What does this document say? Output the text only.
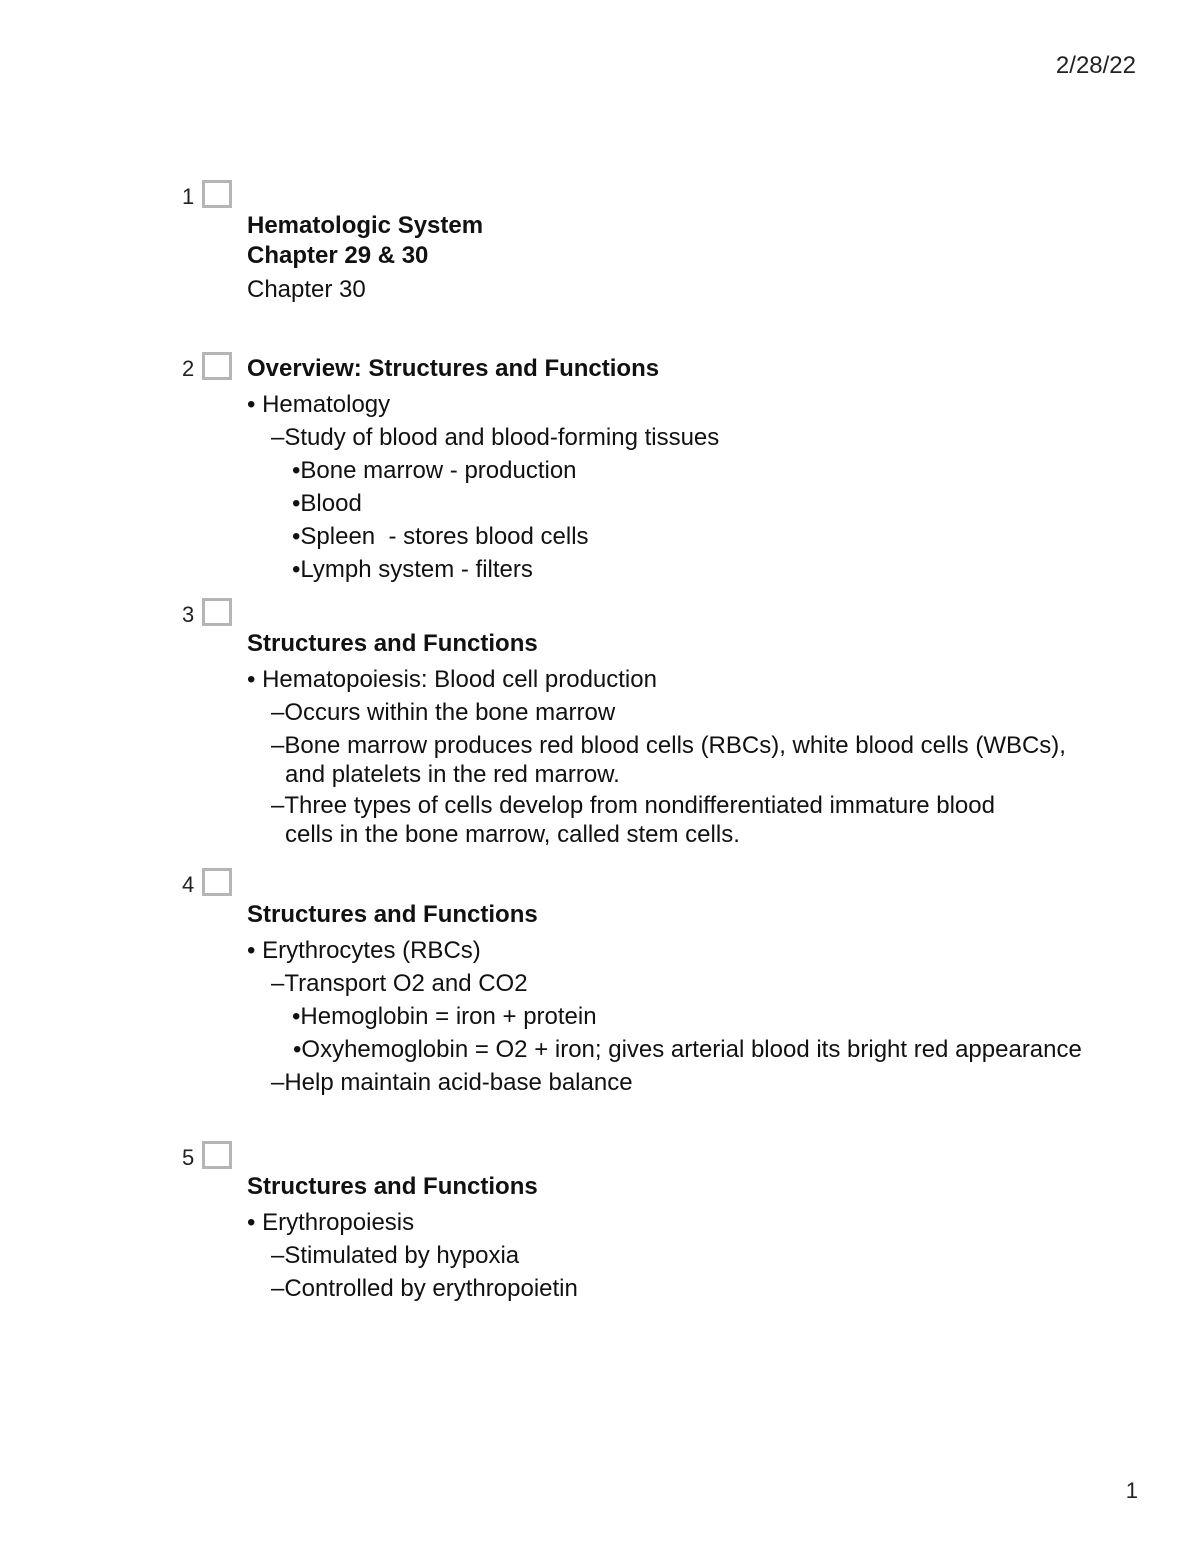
2/28/22
1

Hematologic System

Chapter 29 & 30

Chapter 30

2 Overview: Structures and Functions

• Hematology

–Study of blood and blood-forming tissues

•Bone marrow - production

•Blood

•Spleen  - stores blood cells

•Lymph system - filters

3

Structures and Functions

• Hematopoiesis: Blood cell production

–Occurs within the bone marrow

–Bone marrow produces red blood cells (RBCs), white blood cells (WBCs), and platelets in the red marrow.

–Three types of cells develop from nondifferentiated immature blood cells in the bone marrow, called stem cells.

4

Structures and Functions

• Erythrocytes (RBCs)

–Transport O2 and CO2

•Hemoglobin = iron + protein

•Oxyhemoglobin = O2 + iron; gives arterial blood its bright red appearance

–Help maintain acid-base balance

5

Structures and Functions

• Erythropoiesis

–Stimulated by hypoxia

–Controlled by erythropoietin

1
